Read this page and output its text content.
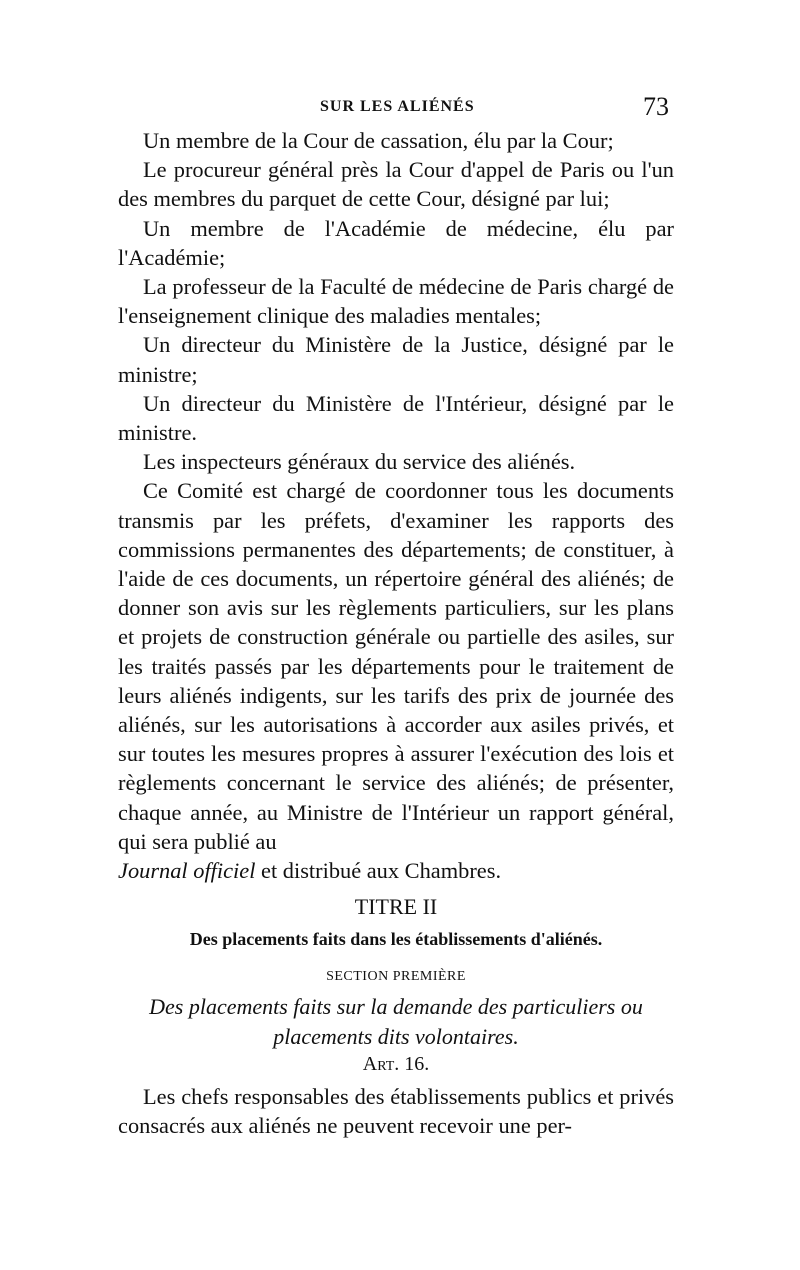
SUR LES ALIÉNÉS	73

Un membre de la Cour de cassation, élu par la Cour;

Le procureur général près la Cour d'appel de Paris ou l'un des membres du parquet de cette Cour, désigné par lui;

Un membre de l'Académie de médecine, élu par l'Académie;

La professeur de la Faculté de médecine de Paris chargé de l'enseignement clinique des maladies mentales;

Un directeur du Ministère de la Justice, désigné par le ministre;

Un directeur du Ministère de l'Intérieur, désigné par le ministre.

Les inspecteurs généraux du service des aliénés.

Ce Comité est chargé de coordonner tous les documents transmis par les préfets, d'examiner les rapports des commissions permanentes des départements; de constituer, à l'aide de ces documents, un répertoire général des aliénés; de donner son avis sur les règlements particuliers, sur les plans et projets de construction générale ou partielle des asiles, sur les traités passés par les départements pour le traitement de leurs aliénés indigents, sur les tarifs des prix de journée des aliénés, sur les autorisations à accorder aux asiles privés, et sur toutes les mesures propres à assurer l'exécution des lois et règlements concernant le service des aliénés; de présenter, chaque année, au Ministre de l'Intérieur un rapport général, qui sera publié au

Journal officiel et distribué aux Chambres.

TITRE II
Des placements faits dans les établissements d'aliénés.
SECTION PREMIÈRE
Des placements faits sur la demande des particuliers ou
placements dits volontaires.
Art. 16.

Les chefs responsables des établissements publics et privés consacrés aux aliénés ne peuvent recevoir une per-
